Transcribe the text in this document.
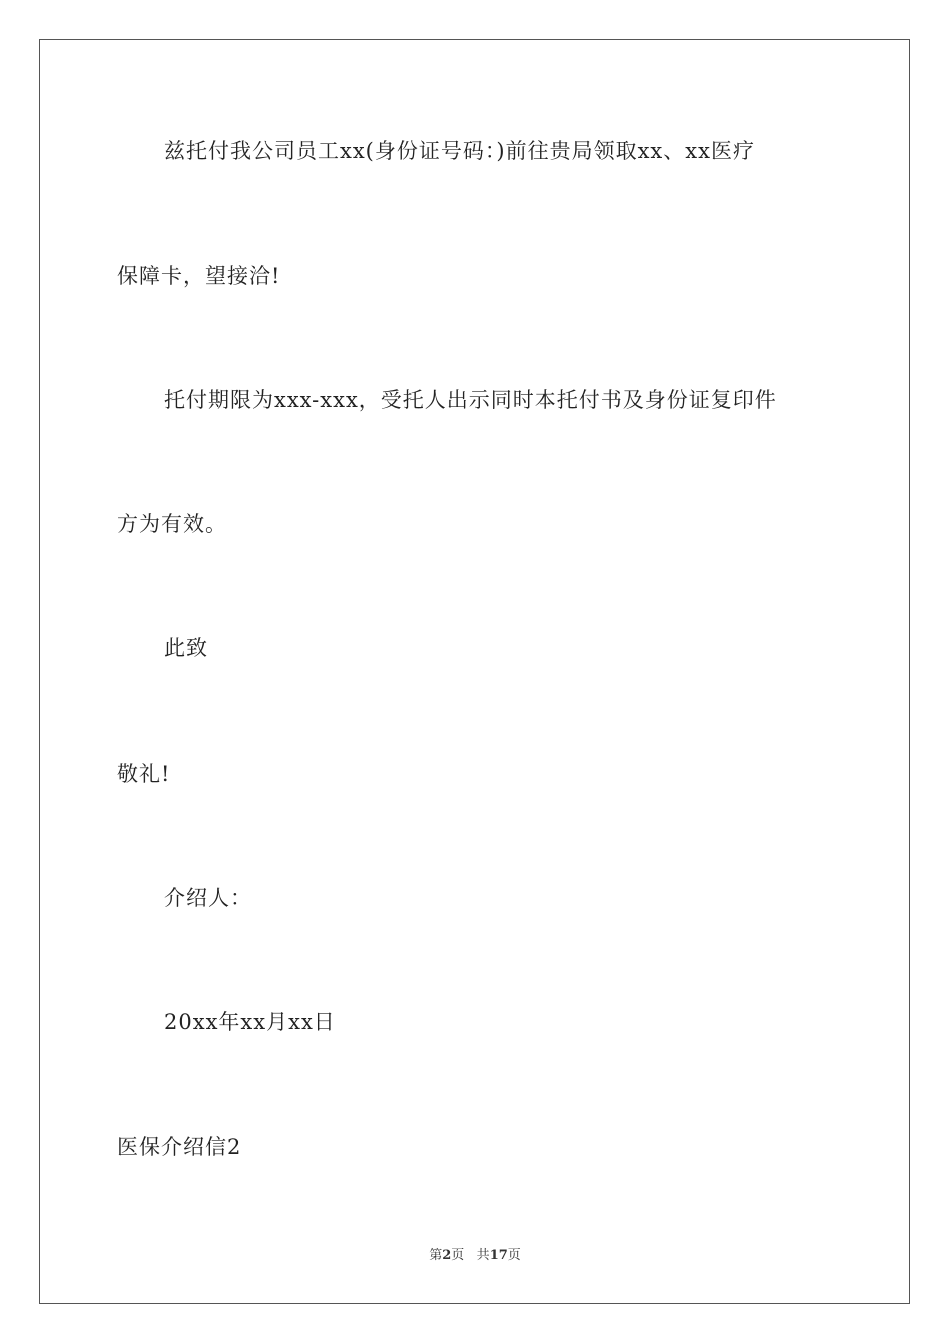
兹托付我公司员工xx(身份证号码：)前往贵局领取xx、xx医疗
保障卡，望接洽!
托付期限为xxx-xxx，受托人出示同时本托付书及身份证复印件
方为有效。
此致
敬礼!
介绍人：
20xx年xx月xx日
医保介绍信2
第2页 共17页
